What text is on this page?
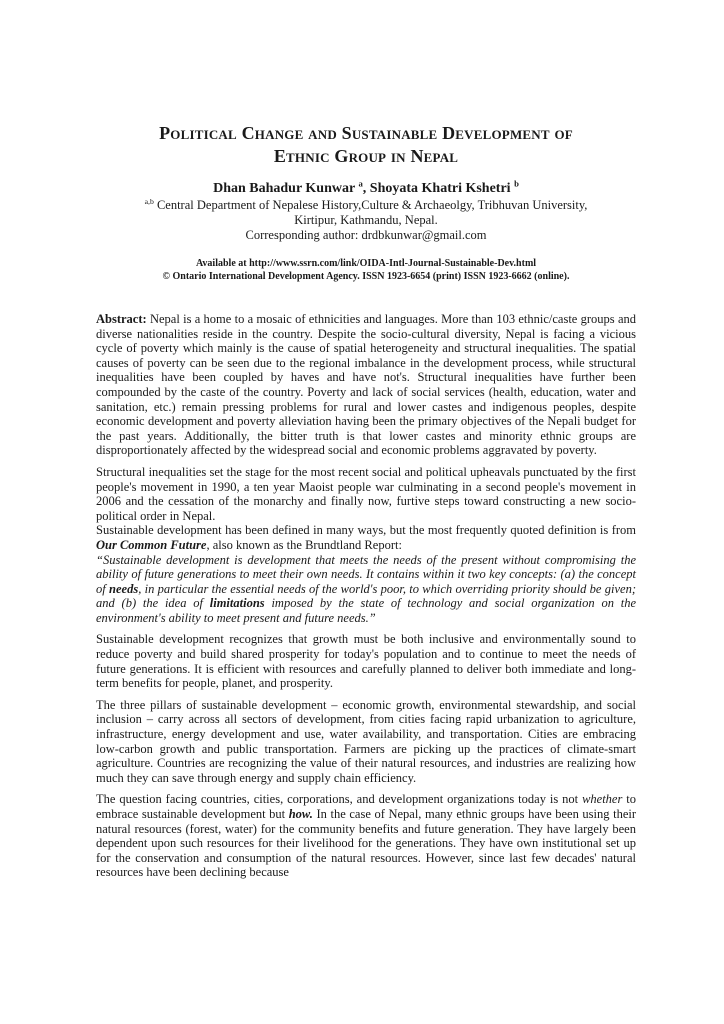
Political Change and Sustainable Development of
Ethnic Group in Nepal
Dhan Bahadur Kunwar $^a$, Shoyata Khatri Kshetri $^b$
$^{a,b}$ Central Department of Nepalese History,Culture & Archaeolgy, Tribhuvan University,
Kirtipur, Kathmandu, Nepal.
Corresponding author: drdbkunwar@gmail.com
Available at http://www.ssrn.com/link/OIDA-Intl-Journal-Sustainable-Dev.html
© Ontario International Development Agency. ISSN 1923-6654 (print) ISSN 1923-6662 (online).

Abstract: Nepal is a home to a mosaic of ethnicities and languages. More than 103 ethnic/caste groups and diverse nationalities reside in the country. Despite the socio-cultural diversity, Nepal is facing a vicious cycle of poverty which mainly is the cause of spatial heterogeneity and structural inequalities. The spatial causes of poverty can be seen due to the regional imbalance in the development process, while structural inequalities have been coupled by haves and have not's. Structural inequalities have further been compounded by the caste of the country. Poverty and lack of social services (health, education, water and sanitation, etc.) remain pressing problems for rural and lower castes and indigenous peoples, despite economic development and poverty alleviation having been the primary objectives of the Nepali budget for the past years. Additionally, the bitter truth is that lower castes and minority ethnic groups are disproportionately affected by the widespread social and economic problems aggravated by poverty.

Structural inequalities set the stage for the most recent social and political upheavals punctuated by the first people's movement in 1990, a ten year Maoist people war culminating in a second people's movement in 2006 and the cessation of the monarchy and finally now, furtive steps toward constructing a new socio-political order in Nepal.

Sustainable development has been defined in many ways, but the most frequently quoted definition is from Our Common Future, also known as the Brundtland Report:

“Sustainable development is development that meets the needs of the present without compromising the ability of future generations to meet their own needs. It contains within it two key concepts: (a) the concept of needs, in particular the essential needs of the world's poor, to which overriding priority should be given; and (b) the idea of limitations imposed by the state of technology and social organization on the environment's ability to meet present and future needs.”

Sustainable development recognizes that growth must be both inclusive and environmentally sound to reduce poverty and build shared prosperity for today's population and to continue to meet the needs of future generations. It is efficient with resources and carefully planned to deliver both immediate and long-term benefits for people, planet, and prosperity.

The three pillars of sustainable development – economic growth, environmental stewardship, and social inclusion – carry across all sectors of development, from cities facing rapid urbanization to agriculture, infrastructure, energy development and use, water availability, and transportation. Cities are embracing low-carbon growth and public transportation. Farmers are picking up the practices of climate-smart agriculture. Countries are recognizing the value of their natural resources, and industries are realizing how much they can save through energy and supply chain efficiency.

The question facing countries, cities, corporations, and development organizations today is not whether to embrace sustainable development but how. In the case of Nepal, many ethnic groups have been using their natural resources (forest, water) for the community benefits and future generation. They have largely been dependent upon such resources for their livelihood for the generations. They have own institutional set up for the conservation and consumption of the natural resources. However, since last few decades' natural resources have been declining because
